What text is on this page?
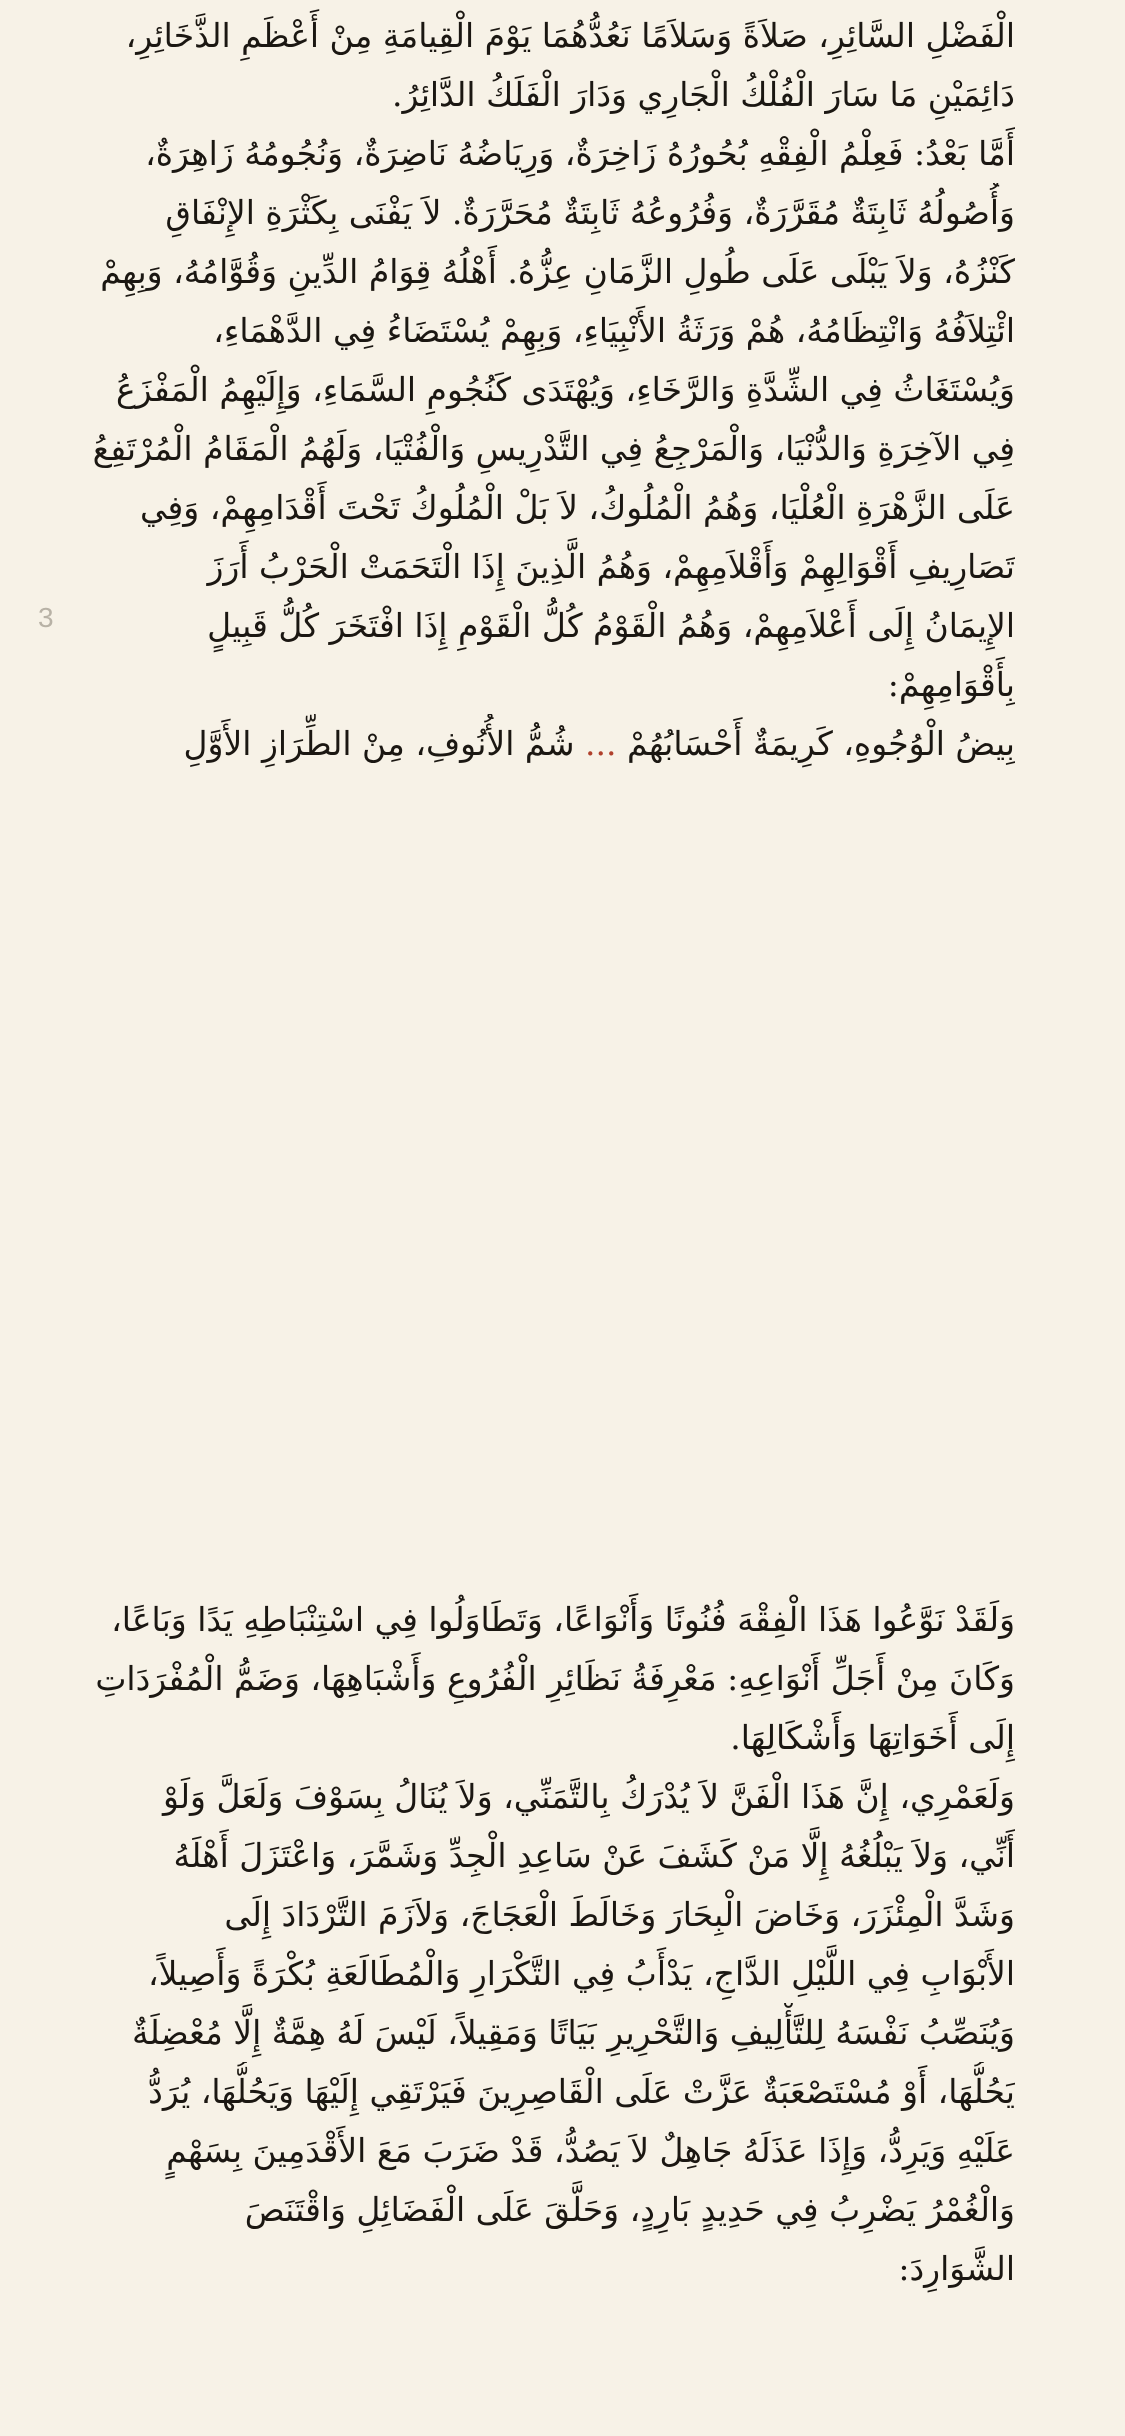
3
الْفَضْلِ السَّائِرِ، صَلاَةً وَسَلاَمًا نَعُدُّهُمَا يَوْمَ الْقِيامَةِ مِنْ أَعْظَمِ الذَّخَائِرِ،
دَائِمَيْنِ مَا سَارَ الْفُلْكُ الْجَارِي وَدَارَ الْفَلَكُ الدَّائِرُ.
أَمَّا بَعْدُ: فَعِلْمُ الْفِقْهِ بُحُورُهُ زَاخِرَةٌ، وَرِيَاضُهُ نَاضِرَةٌ، وَنُجُومُهُ زَاهِرَةٌ،
وَأُصُولُهُ ثَابِتَةٌ مُقَرَّرَةٌ، وَفُرُوعُهُ ثَابِتَةٌ مُحَرَّرَةٌ. لاَ يَفْنَى بِكَثْرَةِ الإِنْفَاقِ
كَنْزُهُ، وَلاَ يَبْلَى عَلَى طُولِ الزَّمَانِ عِزُّهُ. أَهْلُهُ قِوَامُ الدِّينِ وَقُوَّامُهُ، وَبِهِمْ
ائْتِلاَفُهُ وَانْتِظَامُهُ، هُمْ وَرَثَةُ الأَنْبِيَاءِ، وَبِهِمْ يُسْتَضَاءُ فِي الدَّهْمَاءِ،
وَيُسْتَغَاثُ فِي الشِّدَّةِ وَالرَّخَاءِ، وَيُهْتَدَى كَنُجُومِ السَّمَاءِ، وَإِلَيْهِمُ الْمَفْزَعُ
فِي الآخِرَةِ وَالدُّنْيَا، وَالْمَرْجِعُ فِي التَّدْرِيسِ وَالْفُتْيَا، وَلَهُمُ الْمَقَامُ الْمُرْتَفِعُ
عَلَى الزَّهْرَةِ الْعُلْيَا، وَهُمُ الْمُلُوكُ، لاَ بَلْ الْمُلُوكُ تَحْتَ أَقْدَامِهِمْ، وَفِي
تَصَارِيفِ أَقْوَالِهِمْ وَأَقْلاَمِهِمْ، وَهُمُ الَّذِينَ إِذَا الْتَحَمَتْ الْحَرْبُ أَرَزَ
الإِيمَانُ إِلَى أَعْلاَمِهِمْ، وَهُمُ الْقَوْمُ كُلُّ الْقَوْمِ إِذَا افْتَخَرَ كُلُّ قَبِيلٍ
بِأَقْوَامِهِمْ:
بِيضُ الْوُجُوهِ، كَرِيمَةٌ أَحْسَابُهُمْ ... شُمُّ الأُنُوفِ، مِنْ الطِّرَازِ الأَوَّلِ
وَلَقَدْ نَوَّعُوا هَذَا الْفِقْهَ فُنُونًا وَأَنْوَاعًا، وَتَطَاوَلُوا فِي اسْتِنْبَاطِهِ يَدًا وَبَاعًا،
وَكَانَ مِنْ أَجَلِّ أَنْوَاعِهِ: مَعْرِفَةُ نَظَائِرِ الْفُرُوعِ وَأَشْبَاهِهَا، وَضَمُّ الْمُفْرَدَاتِ
إِلَى أَخَوَاتِهَا وَأَشْكَالِهَا.
وَلَعَمْرِي، إِنَّ هَذَا الْفَنَّ لاَ يُدْرَكُ بِالتَّمَنِّي، وَلاَ يُنَالُ بِسَوْفَ وَلَعَلَّ وَلَوْ
أَنِّي، وَلاَ يَبْلُغُهُ إِلَّا مَنْ كَشَفَ عَنْ سَاعِدِ الْجِدِّ وَشَمَّرَ، وَاعْتَزَلَ أَهْلَهُ
وَشَدَّ الْمِئْزَرَ، وَخَاضَ الْبِحَارَ وَخَالَطَ الْعَجَاجَ، وَلاَزَمَ التَّرْدَادَ إِلَى
الأَبْوَابِ فِي اللَّيْلِ الدَّاجِ، يَدْأَبُ فِي التَّكْرَارِ وَالْمُطَالَعَةِ بُكْرَةً وَأَصِيلاً،
وَيُنَصِّبُ نَفْسَهُ لِلتَّأْلِيفِ وَالتَّحْرِيرِ بَيَاتًا وَمَقِيلاً، لَيْسَ لَهُ هِمَّةٌ إِلَّا مُعْضِلَةٌ
يَحُلُّهَا، أَوْ مُسْتَصْعَبَةٌ عَزَّتْ عَلَى الْقَاصِرِينَ فَيَرْتَقِي إِلَيْهَا وَيَحُلُّهَا، يُرَدُّ
عَلَيْهِ وَيَرِدُّ، وَإِذَا عَذَلَهُ جَاهِلٌ لاَ يَصُدُّ، قَدْ ضَرَبَ مَعَ الأَقْدَمِينَ بِسَهْمٍ
وَالْغُمْرُ يَضْرِبُ فِي حَدِيدٍ بَارِدٍ، وَحَلَّقَ عَلَى الْفَضَائِلِ وَاقْتَنَصَ
الشَّوَارِدَ:
